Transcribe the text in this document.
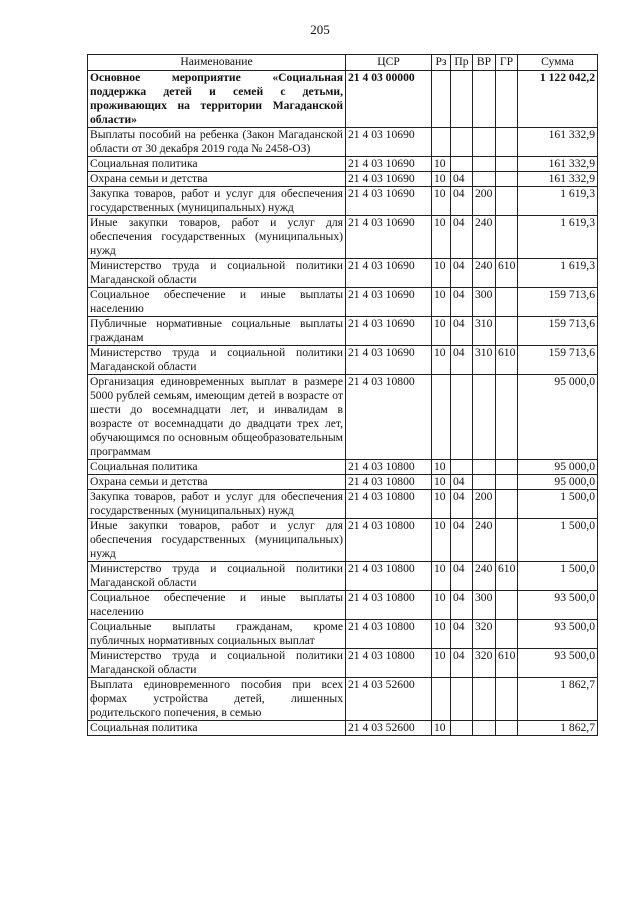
205
Наименование	ЦСР	Рз	Пр	ВР	ГР	Сумма
Основное мероприятие «Социальная поддержка детей и семей с детьми, проживающих на территории Магаданской области»	21 4 03 00000					1 122 042,2
Выплаты пособий на ребенка (Закон Магаданской области от 30 декабря 2019 года № 2458-ОЗ)	21 4 03 10690					161 332,9
Социальная политика	21 4 03 10690	10				161 332,9
Охрана семьи и детства	21 4 03 10690	10	04			161 332,9
Закупка товаров, работ и услуг для обеспечения государственных (муниципальных) нужд	21 4 03 10690	10	04	200		1 619,3
Иные закупки товаров, работ и услуг для обеспечения государственных (муниципальных) нужд	21 4 03 10690	10	04	240		1 619,3
Министерство труда и социальной политики Магаданской области	21 4 03 10690	10	04	240	610	1 619,3
Социальное обеспечение и иные выплаты населению	21 4 03 10690	10	04	300		159 713,6
Публичные нормативные социальные выплаты гражданам	21 4 03 10690	10	04	310		159 713,6
Министерство труда и социальной политики Магаданской области	21 4 03 10690	10	04	310	610	159 713,6
Организация единовременных выплат в размере 5000 рублей семьям, имеющим детей в возрасте от шести до восемнадцати лет, и инвалидам в возрасте от восемнадцати до двадцати трех лет, обучающимся по основным общеобразовательным программам	21 4 03 10800					95 000,0
Социальная политика	21 4 03 10800	10				95 000,0
Охрана семьи и детства	21 4 03 10800	10	04			95 000,0
Закупка товаров, работ и услуг для обеспечения государственных (муниципальных) нужд	21 4 03 10800	10	04	200		1 500,0
Иные закупки товаров, работ и услуг для обеспечения государственных (муниципальных) нужд	21 4 03 10800	10	04	240		1 500,0
Министерство труда и социальной политики Магаданской области	21 4 03 10800	10	04	240	610	1 500,0
Социальное обеспечение и иные выплаты населению	21 4 03 10800	10	04	300		93 500,0
Социальные выплаты гражданам, кроме публичных нормативных социальных выплат	21 4 03 10800	10	04	320		93 500,0
Министерство труда и социальной политики Магаданской области	21 4 03 10800	10	04	320	610	93 500,0
Выплата единовременного пособия при всех формах устройства детей, лишенных родительского попечения, в семью	21 4 03 52600					1 862,7
Социальная политика	21 4 03 52600	10				1 862,7
